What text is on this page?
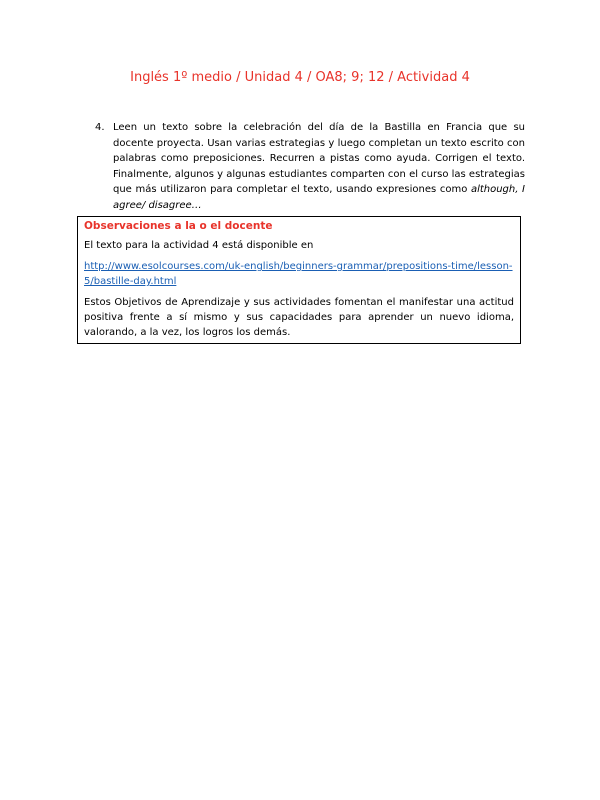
Inglés 1º medio / Unidad 4 / OA8; 9; 12 / Actividad 4
4. Leen un texto sobre la celebración del día de la Bastilla en Francia que su docente proyecta. Usan varias estrategias y luego completan un texto escrito con palabras como preposiciones. Recurren a pistas como ayuda. Corrigen el texto. Finalmente, algunos y algunas estudiantes comparten con el curso las estrategias que más utilizaron para completar el texto, usando expresiones como although, I agree/ disagree…

Observaciones a la o el docente

El texto para la actividad 4 está disponible en

http://www.esolcourses.com/uk-english/beginners-grammar/prepositions-time/lesson-5/bastille-day.html

Estos Objetivos de Aprendizaje y sus actividades fomentan el manifestar una actitud positiva frente a sí mismo y sus capacidades para aprender un nuevo idioma, valorando, a la vez, los logros los demás.
